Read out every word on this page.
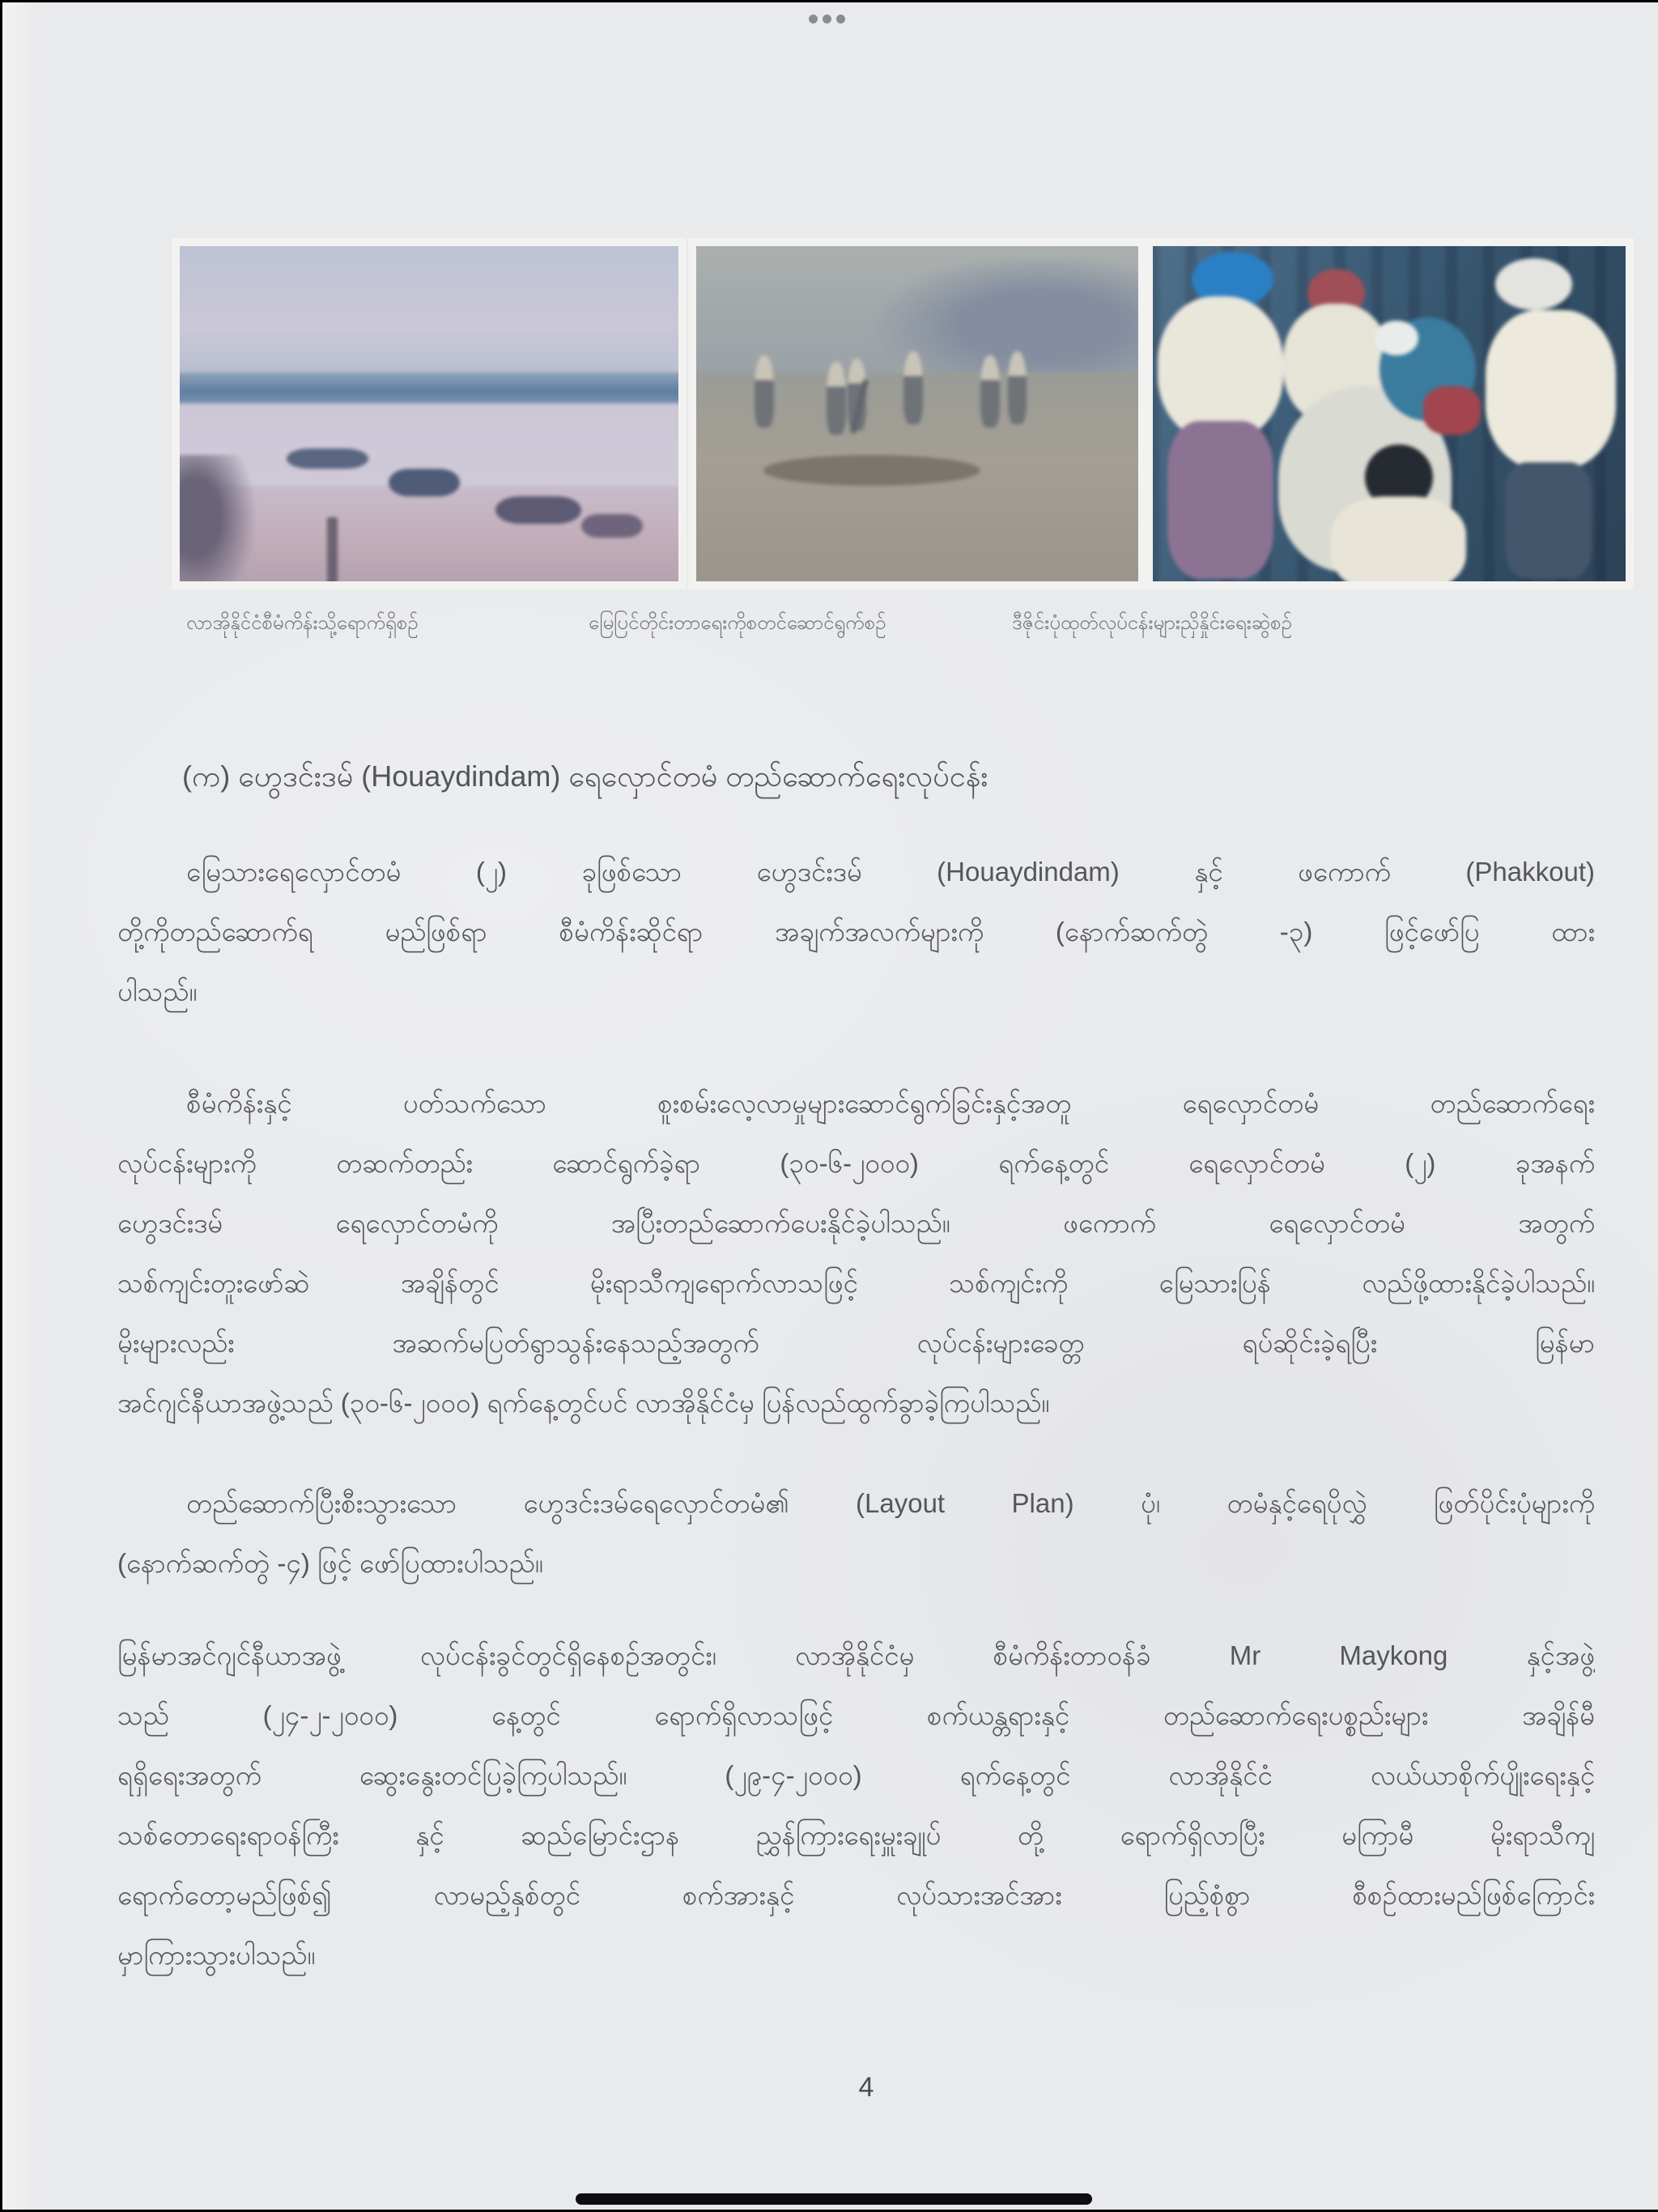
လာအိုနိုင်ငံစီမံကိန်းသို့ရောက်ရှိစဉ်	မြေပြင်တိုင်းတာရေးကိုစတင်ဆောင်ရွက်စဉ်	ဒီဇိုင်းပုံထုတ်လုပ်ငန်းများညှိနှိုင်းရေးဆွဲစဉ်
(က) ဟွေဒင်းဒမ် (Houaydindam) ရေလှောင်တမံ တည်ဆောက်ရေးလုပ်ငန်း
မြေသားရေလှောင်တမံ (၂) ခုဖြစ်သော ဟွေဒင်းဒမ် (Houaydindam) နှင့် ဖကောက် (Phakkout)
တို့ကိုတည်ဆောက်ရ မည်ဖြစ်ရာ စီမံကိန်းဆိုင်ရာ အချက်အလက်များကို (နောက်ဆက်တွဲ -၃) ဖြင့်ဖော်ပြ ထား
ပါသည်။
စီမံကိန်းနှင့် ပတ်သက်သော စူးစမ်းလေ့လာမှုများဆောင်ရွက်ခြင်းနှင့်အတူ ရေလှောင်တမံ တည်ဆောက်ရေး
လုပ်ငန်းများကို တဆက်တည်း ဆောင်ရွက်ခဲ့ရာ (၃၀-၆-၂၀၀၀) ရက်နေ့တွင် ရေလှောင်တမံ (၂) ခုအနက်
ဟွေဒင်းဒမ် ရေလှောင်တမံကို အပြီးတည်ဆောက်ပေးနိုင်ခဲ့ပါသည်။ ဖကောက် ရေလှောင်တမံ အတွက်
သစ်ကျင်းတူးဖော်ဆဲ အချိန်တွင် မိုးရာသီကျရောက်လာသဖြင့် သစ်ကျင်းကို မြေသားပြန် လည်ဖို့ထားနိုင်ခဲ့ပါသည်။
မိုးများလည်း အဆက်မပြတ်ရွာသွန်းနေသည့်အတွက် လုပ်ငန်းများခေတ္တ ရပ်ဆိုင်းခဲ့ရပြီး မြန်မာ
အင်ဂျင်နီယာအဖွဲ့သည် (၃၀-၆-၂၀၀၀) ရက်နေ့တွင်ပင် လာအိုနိုင်ငံမှ ပြန်လည်ထွက်ခွာခဲ့ကြပါသည်။
တည်ဆောက်ပြီးစီးသွားသော ဟွေဒင်းဒမ်ရေလှောင်တမံ၏ (Layout Plan) ပုံ၊ တမံနှင့်ရေပိုလွှဲ ဖြတ်ပိုင်းပုံများကို
(နောက်ဆက်တွဲ -၄) ဖြင့် ဖော်ပြထားပါသည်။
မြန်မာအင်ဂျင်နီယာအဖွဲ့ လုပ်ငန်းခွင်တွင်ရှိနေစဉ်အတွင်း၊ လာအိုနိုင်ငံမှ စီမံကိန်းတာဝန်ခံ Mr Maykong နှင့်အဖွဲ့
သည် (၂၄-၂-၂၀၀၀) နေ့တွင် ရောက်ရှိလာသဖြင့် စက်ယန္တရားနှင့် တည်ဆောက်ရေးပစ္စည်းများ အချိန်မီ
ရရှိရေးအတွက် ဆွေးနွေးတင်ပြခဲ့ကြပါသည်။ (၂၉-၄-၂၀၀၀) ရက်နေ့တွင် လာအိုနိုင်ငံ လယ်ယာစိုက်ပျိုးရေးနှင့်
သစ်တောရေးရာဝန်ကြီး နှင့် ဆည်မြောင်းဌာန ညွှန်ကြားရေးမှူးချုပ် တို့ ရောက်ရှိလာပြီး မကြာမီ မိုးရာသီကျ
ရောက်တော့မည်ဖြစ်၍ လာမည့်နှစ်တွင် စက်အားနှင့် လုပ်သားအင်အား ပြည့်စုံစွာ စီစဉ်ထားမည်ဖြစ်ကြောင်း
မှာကြားသွားပါသည်။
4
